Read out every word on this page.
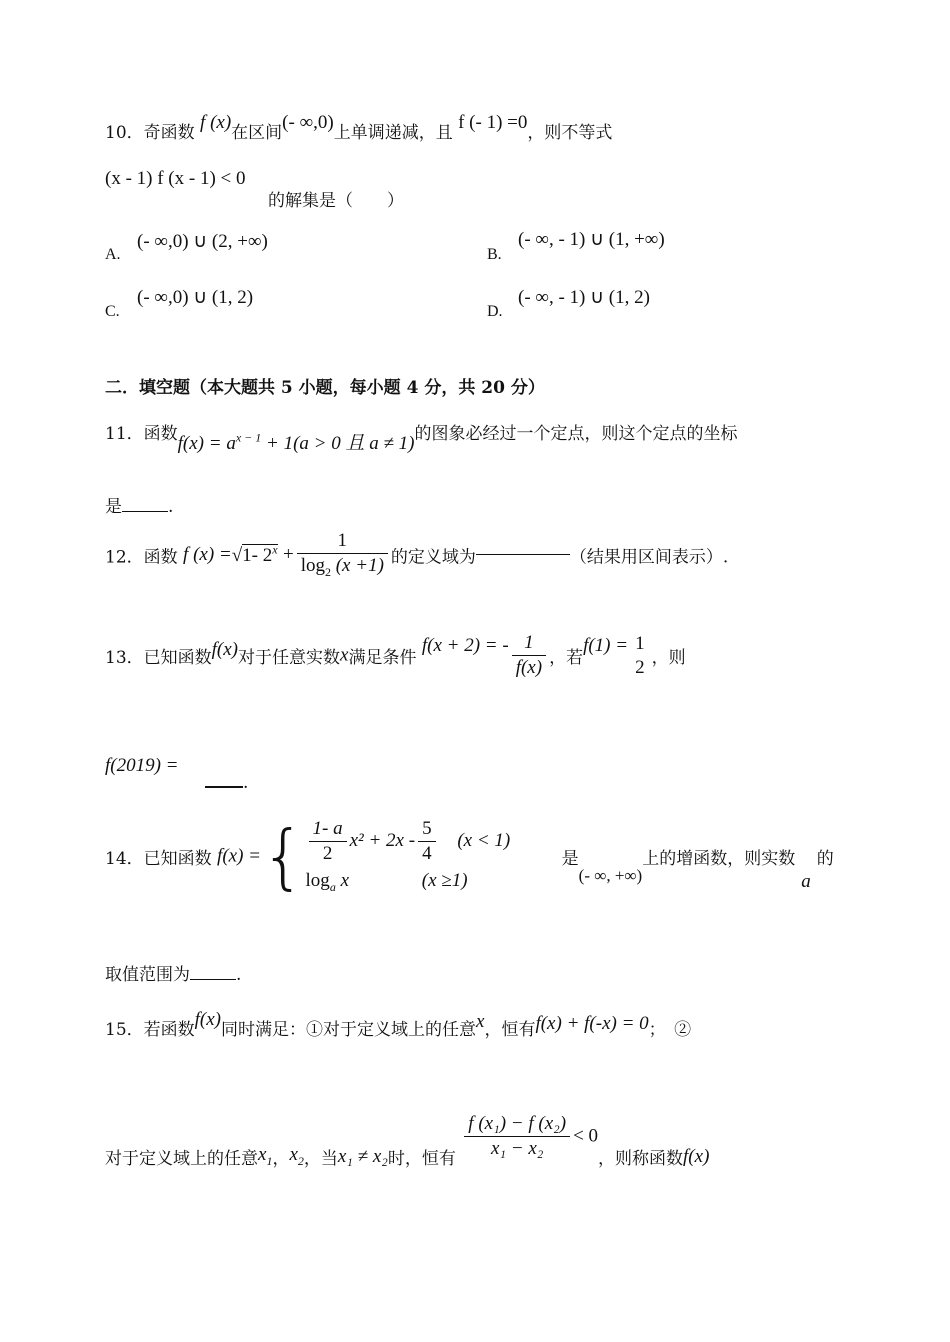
10．奇函数 f (x)在区间(- ∞,0)上单调递减，且 f (- 1) =0，则不等式
(x - 1) f (x - 1) < 0
的解集是（　　）
A.
(- ∞,0) ∪ (2, +∞)
B.
(- ∞, - 1) ∪ (1, +∞)
C.
(- ∞,0) ∪ (1, 2)
D.
(- ∞, - 1) ∪ (1, 2)
二．填空题（本大题共 5 小题，每小题 4 分，共 20 分）
11．函数$f(x) = a^{x - 1} + 1(a > 0$ 且 a ≠ 1)的图象必经过一个定点，则这个定点的坐标
是	.
12．函数 f (x) =√1- $2^x + \frac{1}{\log_2 (x +1)}$ 的定义域为	（结果用区间表示）.
13．已知函数f(x)对于任意实数x满足条件 f(x + 2) = - $\frac{1}{f(x)}$ ，若f(1) = 1
2 ，则
f(2019) =
.
14．已知函数 f(x) ={ $\frac{1- a}{2} x^2 + 2x - \frac{5}{4} (x < 1)$
$\log_a x$	(x ≥1)
是(- ∞, +∞)上的增函数，则实数a的
取值范围为	.
15．若函数f(x)同时满足：①对于定义域上的任意x，恒有f(x) + f(-x) = 0；　②
对于定义域上的任意$x_1$，$x_2$，当x₁ ≠ x₂时，恒有 $\frac{\text{f (x₁) − f (x₂)}}{\text{x₁ − x₂}} < 0$，则称函数f(x)
